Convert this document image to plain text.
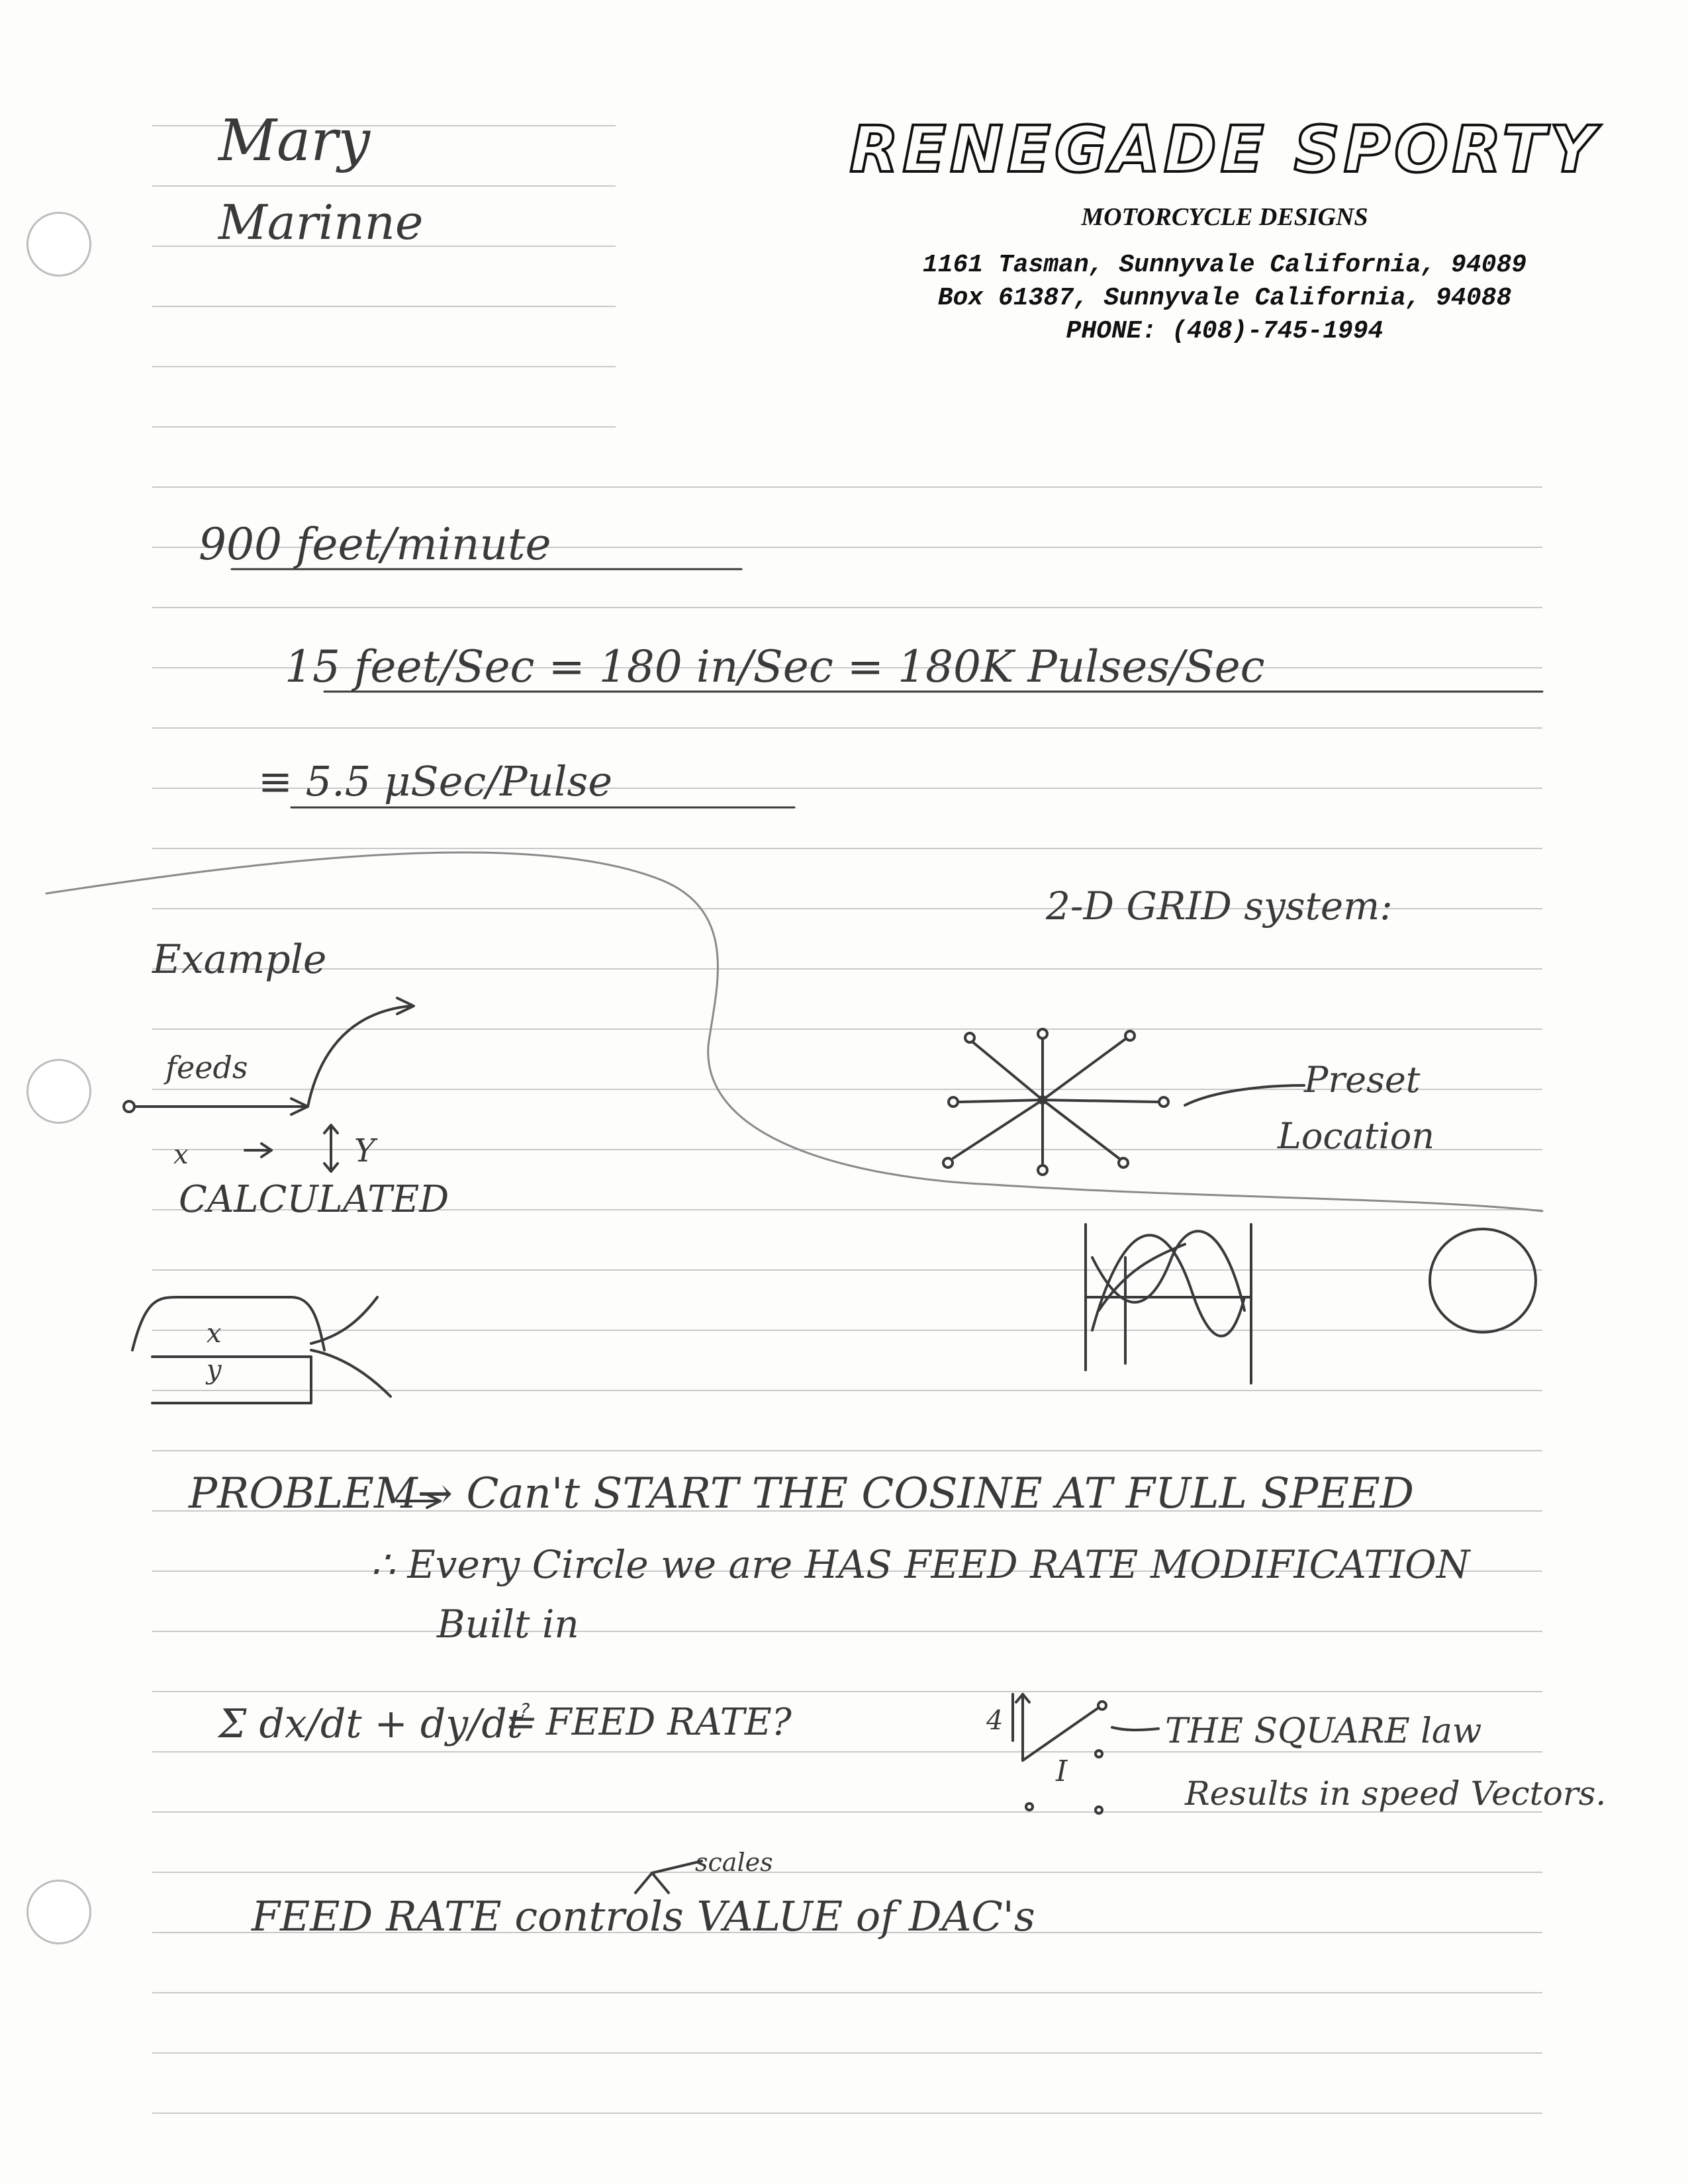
RENEGADE SPORTY
MOTORCYCLE DESIGNS
1161 Tasman, Sunnyvale California, 94089
Box 61387, Sunnyvale California, 94088
PHONE: (408)-745-1994
Mary
Marinne
900 feet/minute
15 feet/Sec = 180 in/Sec = 180K Pulses/Sec
≡ 5.5 μSec/Pulse
Example
feeds
x	Y
CALCULATED
x
y
2-D GRID system:
Preset
Location
PROBLEM→ Can't START THE COSINE AT FULL SPEED
∴ Every Circle we are HAS FEED RATE MODIFICATION
Built in
Σ dx/dt + dy/dt
≟ FEED RATE?	4
I
THE SQUARE law
Results in speed Vectors.
scales
FEED RATE controls VALUE of DAC's
